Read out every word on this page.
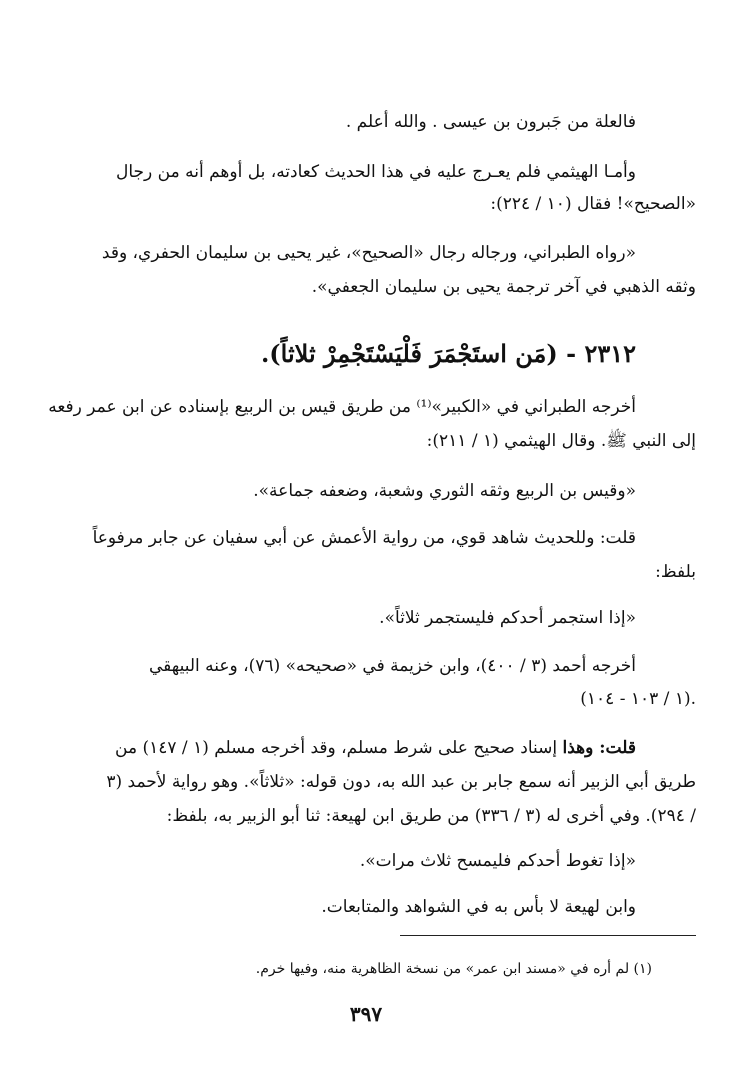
فالعلة من جَبرون بن عيسى . والله أعلم .
وأمـا الهيثمي فلم يعـرج عليه في هذا الحديث كعادته، بل أوهم أنه من رجال
«الصحيح»! فقال (١٠ / ٢٢٤):
«رواه الطبراني، ورجاله رجال «الصحيح»، غير يحيى بن سليمان الحفري، وقد
وثقه الذهبي في آخر ترجمة يحيى بن سليمان الجعفي».
٢٣١٢ - (مَن استَجْمَرَ فَلْيَسْتَجْمِرْ ثلاثاً).
أخرجه الطبراني في «الكبير»⁽¹⁾ من طريق قيس بن الربيع بإسناده عن ابن عمر رفعه
إلى النبي ﷺ. وقال الهيثمي (١ / ٢١١):
«وقيس بن الربيع وثقه الثوري وشعبة، وضعفه جماعة».
قلت: وللحديث شاهد قوي، من رواية الأعمش عن أبي سفيان عن جابر مرفوعاً
بلفظ:
«إذا استجمر أحدكم فليستجمر ثلاثاً».
أخرجه أحمد (٣ / ٤٠٠)، وابن خزيمة في «صحيحه» (٧٦)، وعنه البيهقي
(١ / ١٠٣ - ١٠٤).
قلت: وهذا إسناد صحيح على شرط مسلم، وقد أخرجه مسلم (١ / ١٤٧) من
طريق أبي الزبير أنه سمع جابر بن عبد الله به، دون قوله: «ثلاثاً». وهو رواية لأحمد (٣
/ ٢٩٤). وفي أخرى له (٣ / ٣٣٦) من طريق ابن لهيعة: ثنا أبو الزبير به، بلفظ:
«إذا تغوط أحدكم فليمسح ثلاث مرات».
وابن لهيعة لا بأس به في الشواهد والمتابعات.
(١) لم أره في «مسند ابن عمر» من نسخة الظاهرية منه، وفيها خرم.
٣٩٧
